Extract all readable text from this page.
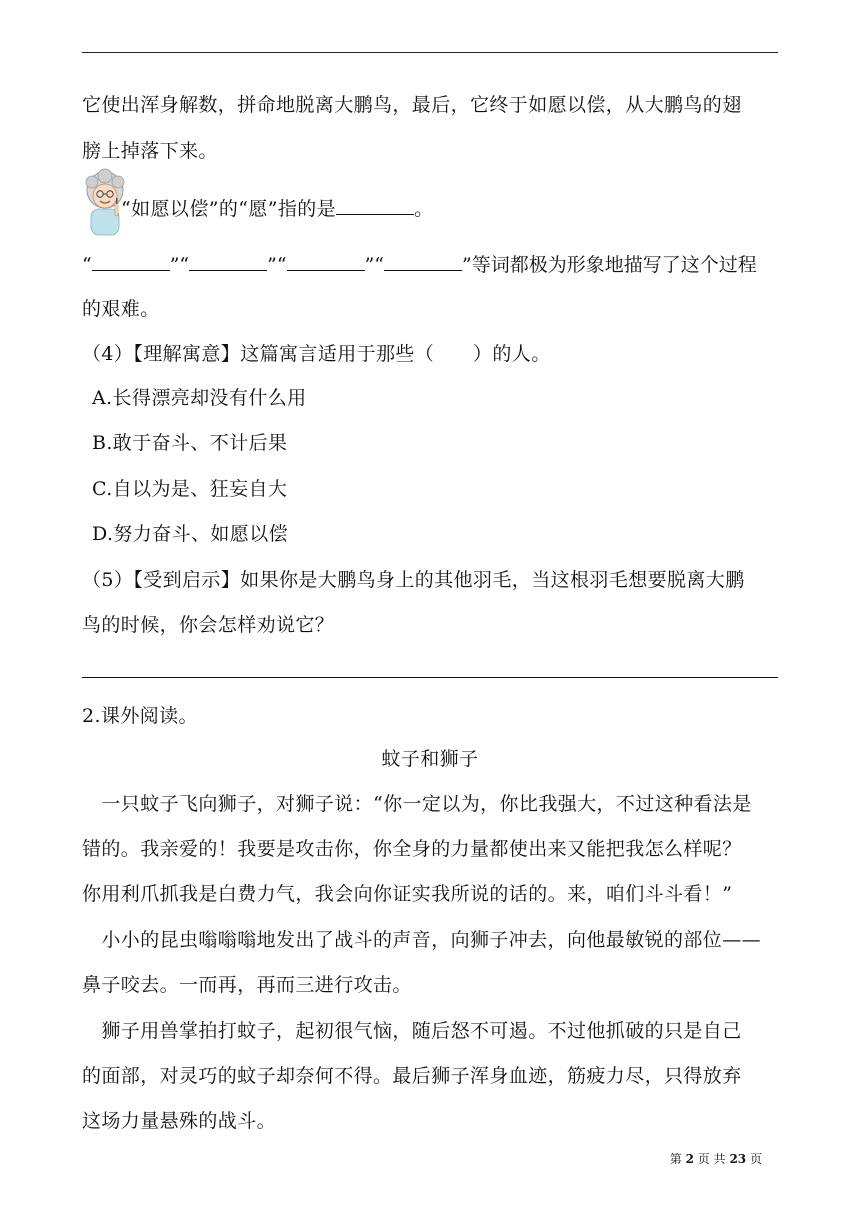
它使出浑身解数，拼命地脱离大鹏鸟，最后，它终于如愿以偿，从大鹏鸟的翅
膀上掉落下来。
“如愿以偿”的“愿”指的是	。
“	”“	”“	”“	”等词都极为形象地描写了这个过程
的艰难。
（4）【理解寓意】这篇寓言适用于那些（　　）的人。
A.长得漂亮却没有什么用
B.敢于奋斗、不计后果
C.自以为是、狂妄自大
D.努力奋斗、如愿以偿
（5）【受到启示】如果你是大鹏鸟身上的其他羽毛，当这根羽毛想要脱离大鹏
鸟的时候，你会怎样劝说它？
2.课外阅读。
蚊子和狮子
　一只蚊子飞向狮子，对狮子说：“你一定以为，你比我强大，不过这种看法是
错的。我亲爱的！我要是攻击你，你全身的力量都使出来又能把我怎么样呢？
你用利爪抓我是白费力气，我会向你证实我所说的话的。来，咱们斗斗看！”
　小小的昆虫嗡嗡嗡地发出了战斗的声音，向狮子冲去，向他最敏锐的部位——
鼻子咬去。一而再，再而三进行攻击。
　狮子用兽掌拍打蚊子，起初很气恼，随后怒不可遏。不过他抓破的只是自己
的面部，对灵巧的蚊子却奈何不得。最后狮子浑身血迹，筋疲力尽，只得放弃
这场力量悬殊的战斗。
第 2 页 共 23 页
